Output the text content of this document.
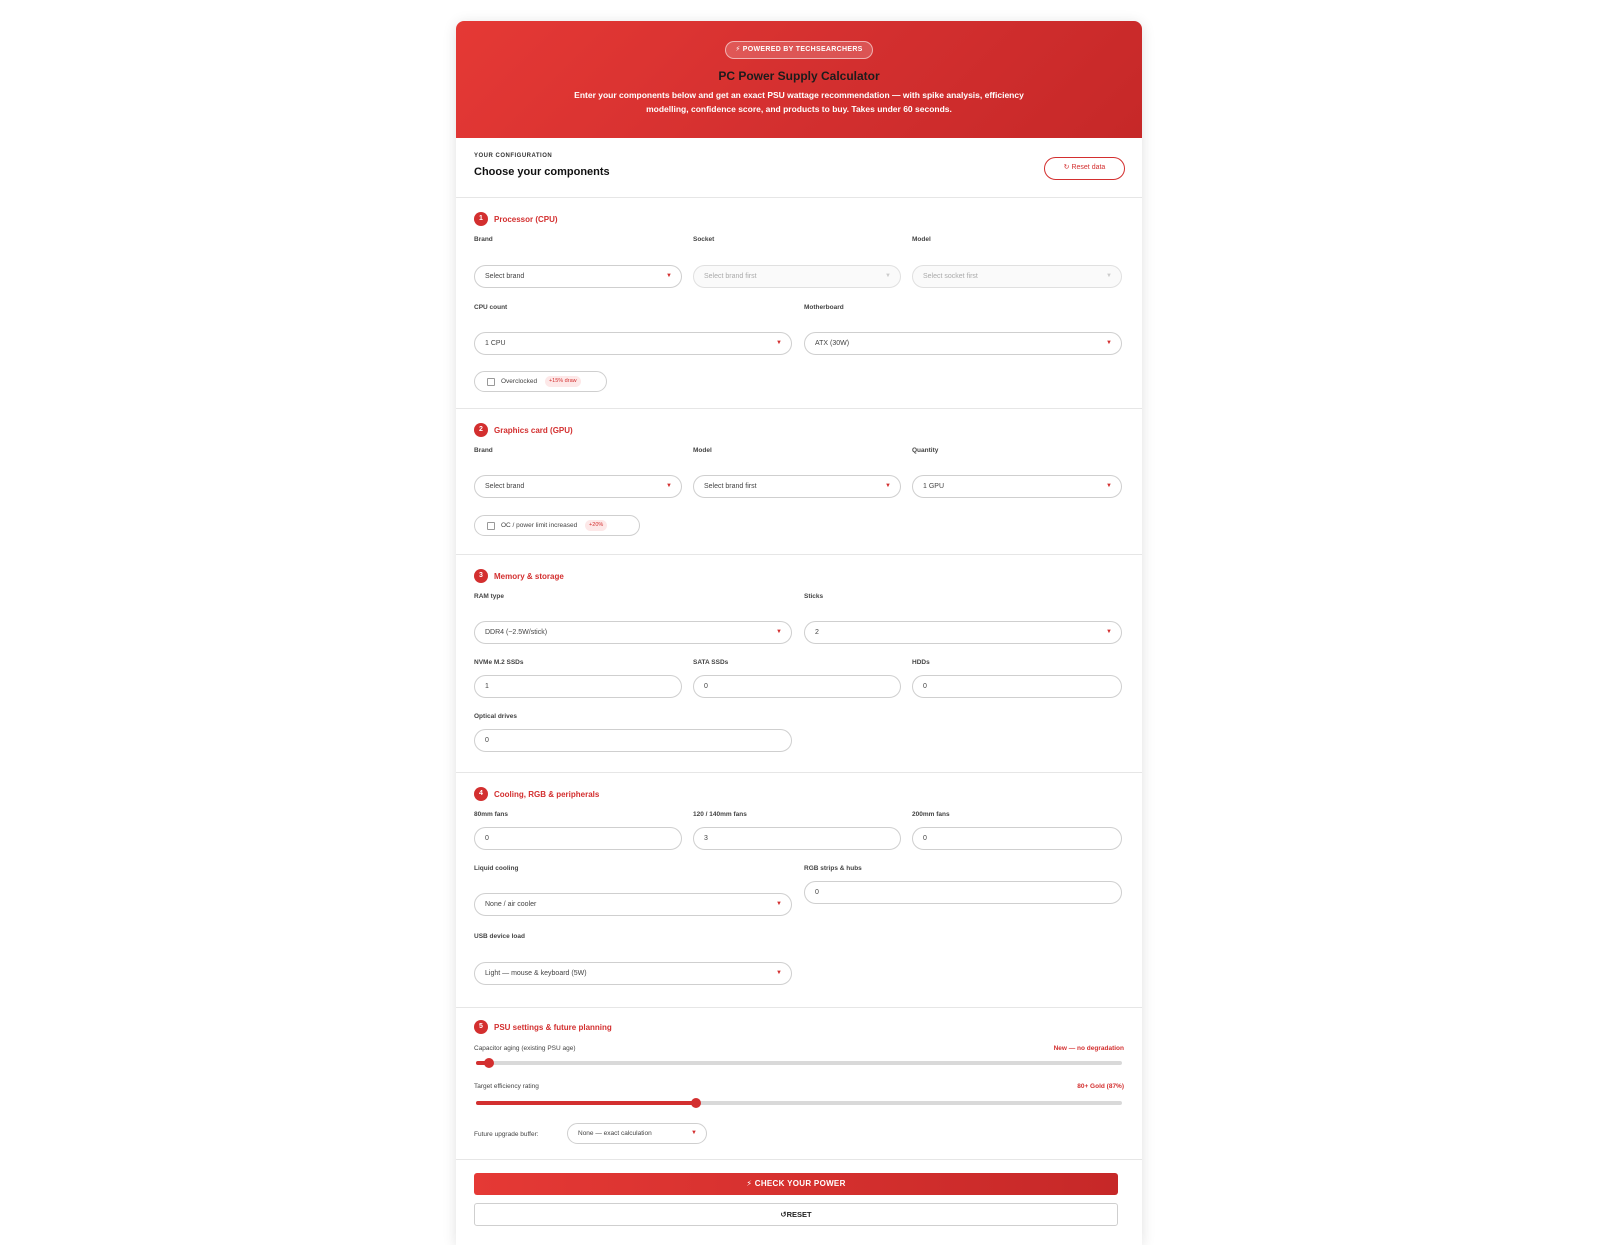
⚡ POWERED BY TECHSEARCHERS
PC Power Supply Calculator
Enter your components below and get an exact PSU wattage recommendation — with spike analysis, efficiency modelling, confidence score, and products to buy. Takes under 60 seconds.
YOUR CONFIGURATION
Choose your components	↻ Reset data
1	Processor (CPU)
Brand
Select brand	▼
Socket
Select brand first	▼
Model
Select socket first	▼
CPU count
1 CPU	▼
Motherboard
ATX (30W)	▼
Overclocked +15% draw
2	Graphics card (GPU)
Brand
Select brand	▼
Model
Select brand first	▼
Quantity
1 GPU	▼
OC / power limit increased +20%
3	Memory & storage
RAM type
DDR4 (~2.5W/stick)	▼
Sticks
2	▼
NVMe M.2 SSDs
1
SATA SSDs
0
HDDs
0
Optical drives
0
4	Cooling, RGB & peripherals
80mm fans
0
120 / 140mm fans
3
200mm fans
0
Liquid cooling
None / air cooler	▼
RGB strips & hubs
0
USB device load
Light — mouse & keyboard (5W)	▼
5	PSU settings & future planning
Capacitor aging (existing PSU age)	New — no degradation
Target efficiency rating	80+ Gold (87%)
Future upgrade buffer:	None — exact calculation	▼
⚡ CHECK YOUR POWER
↺RESET
